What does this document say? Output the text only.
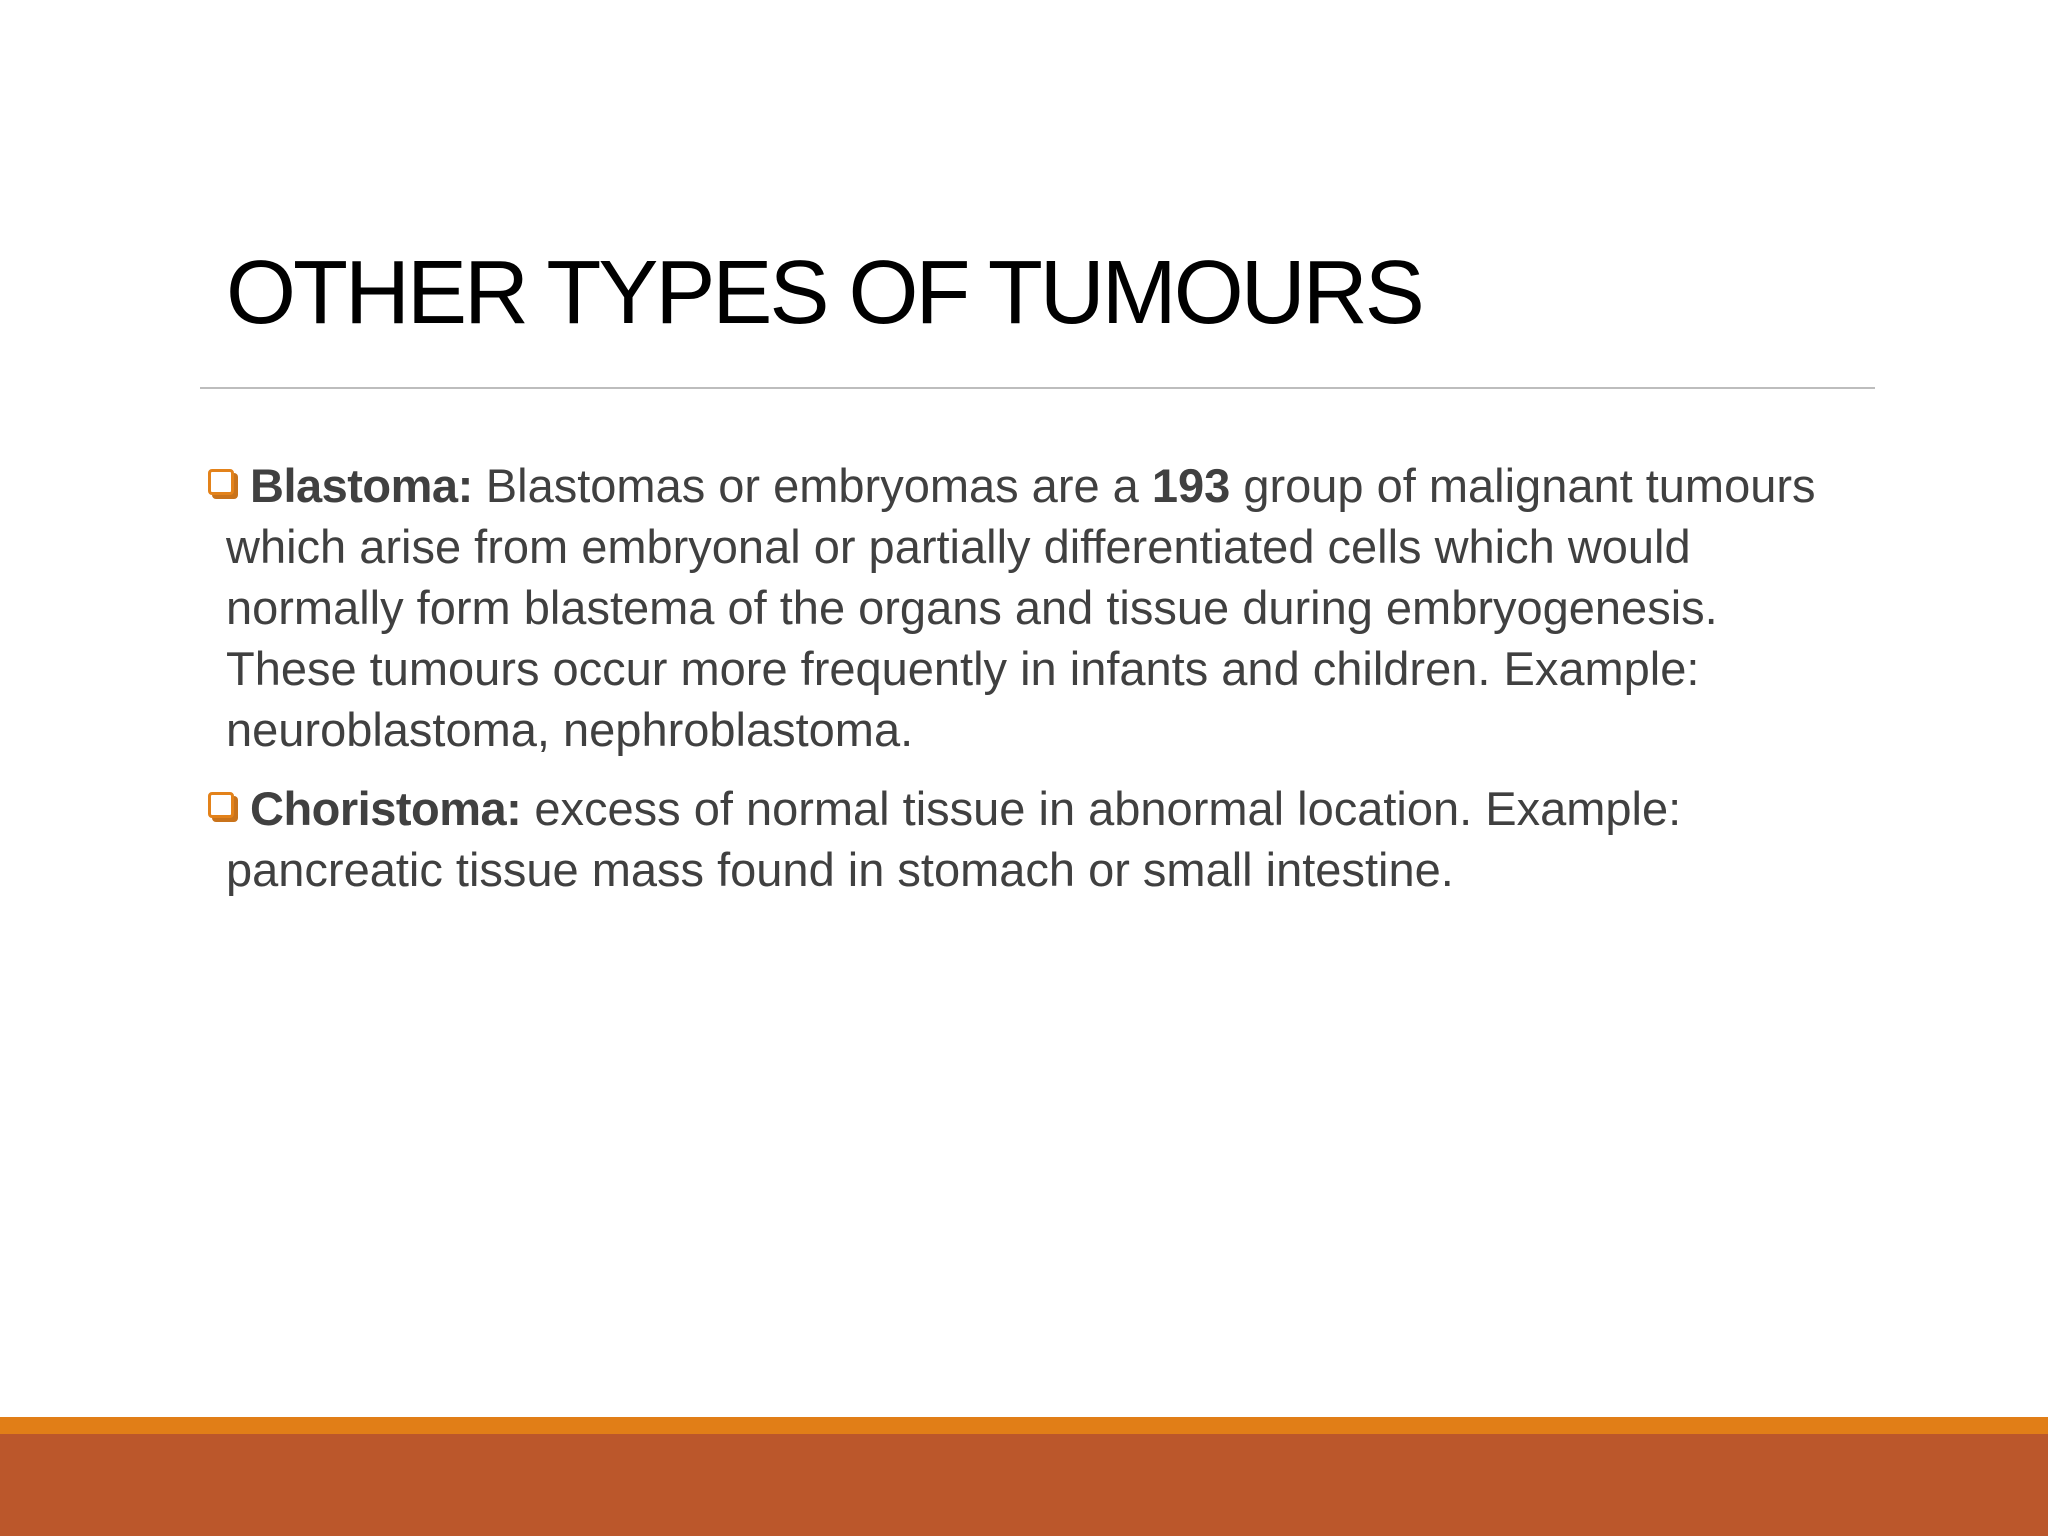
OTHER TYPES OF TUMOURS
Blastoma: Blastomas or embryomas are a 193 group of malignant tumours which arise from embryonal or partially differentiated cells which would normally form blastema of the organs and tissue during embryogenesis. These tumours occur more frequently in infants and children. Example: neuroblastoma, nephroblastoma.
Choristoma: excess of normal tissue in abnormal location. Example: pancreatic tissue mass found in stomach or small intestine.
